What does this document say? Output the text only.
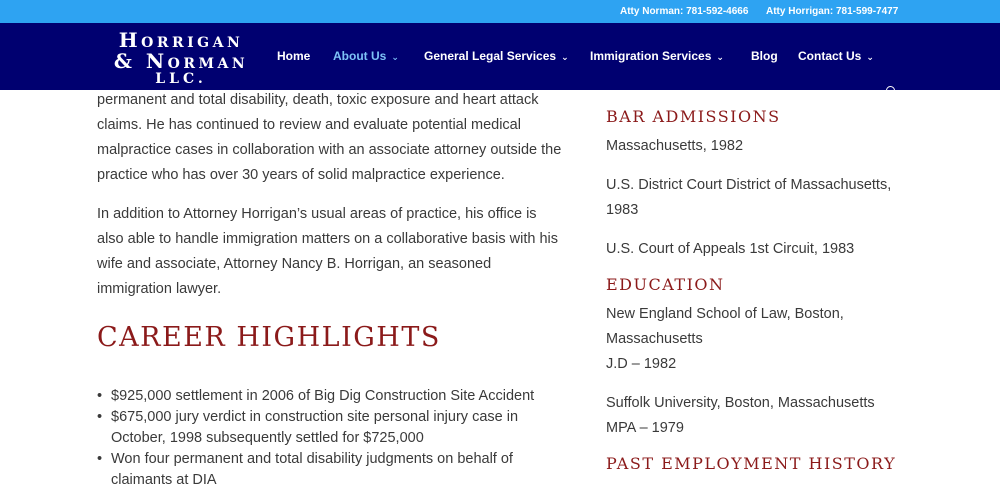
Atty Norman: 781-592-4666 Atty Horrigan: 781-599-7477
Horrigan
& Norman
LLC.
Home About Us ⌄ General Legal Services ⌄ Immigration Services ⌄ Blog Contact Us ⌄

permanent and total disability, death, toxic exposure and heart attack claims. He has continued to review and evaluate potential medical malpractice cases in collaboration with an associate attorney outside the practice who has over 30 years of solid malpractice experience.

In addition to Attorney Horrigan’s usual areas of practice, his office is also able to handle immigration matters on a collaborative basis with his wife and associate, Attorney Nancy B. Horrigan, an seasoned immigration lawyer.

CAREER HIGHLIGHTS
• $925,000 settlement in 2006 of Big Dig Construction Site Accident
• $675,000 jury verdict in construction site personal injury case in October, 1998 subsequently settled for $725,000
• Won four permanent and total disability judgments on behalf of claimants at DIA
BAR ADMISSIONS

Massachusetts, 1982

U.S. District Court District of Massachusetts, 1983

U.S. Court of Appeals 1st Circuit, 1983

EDUCATION

New England School of Law, Boston, Massachusetts

J.D – 1982

Suffolk University, Boston, Massachusetts

MPA – 1979

PAST EMPLOYMENT HISTORY
